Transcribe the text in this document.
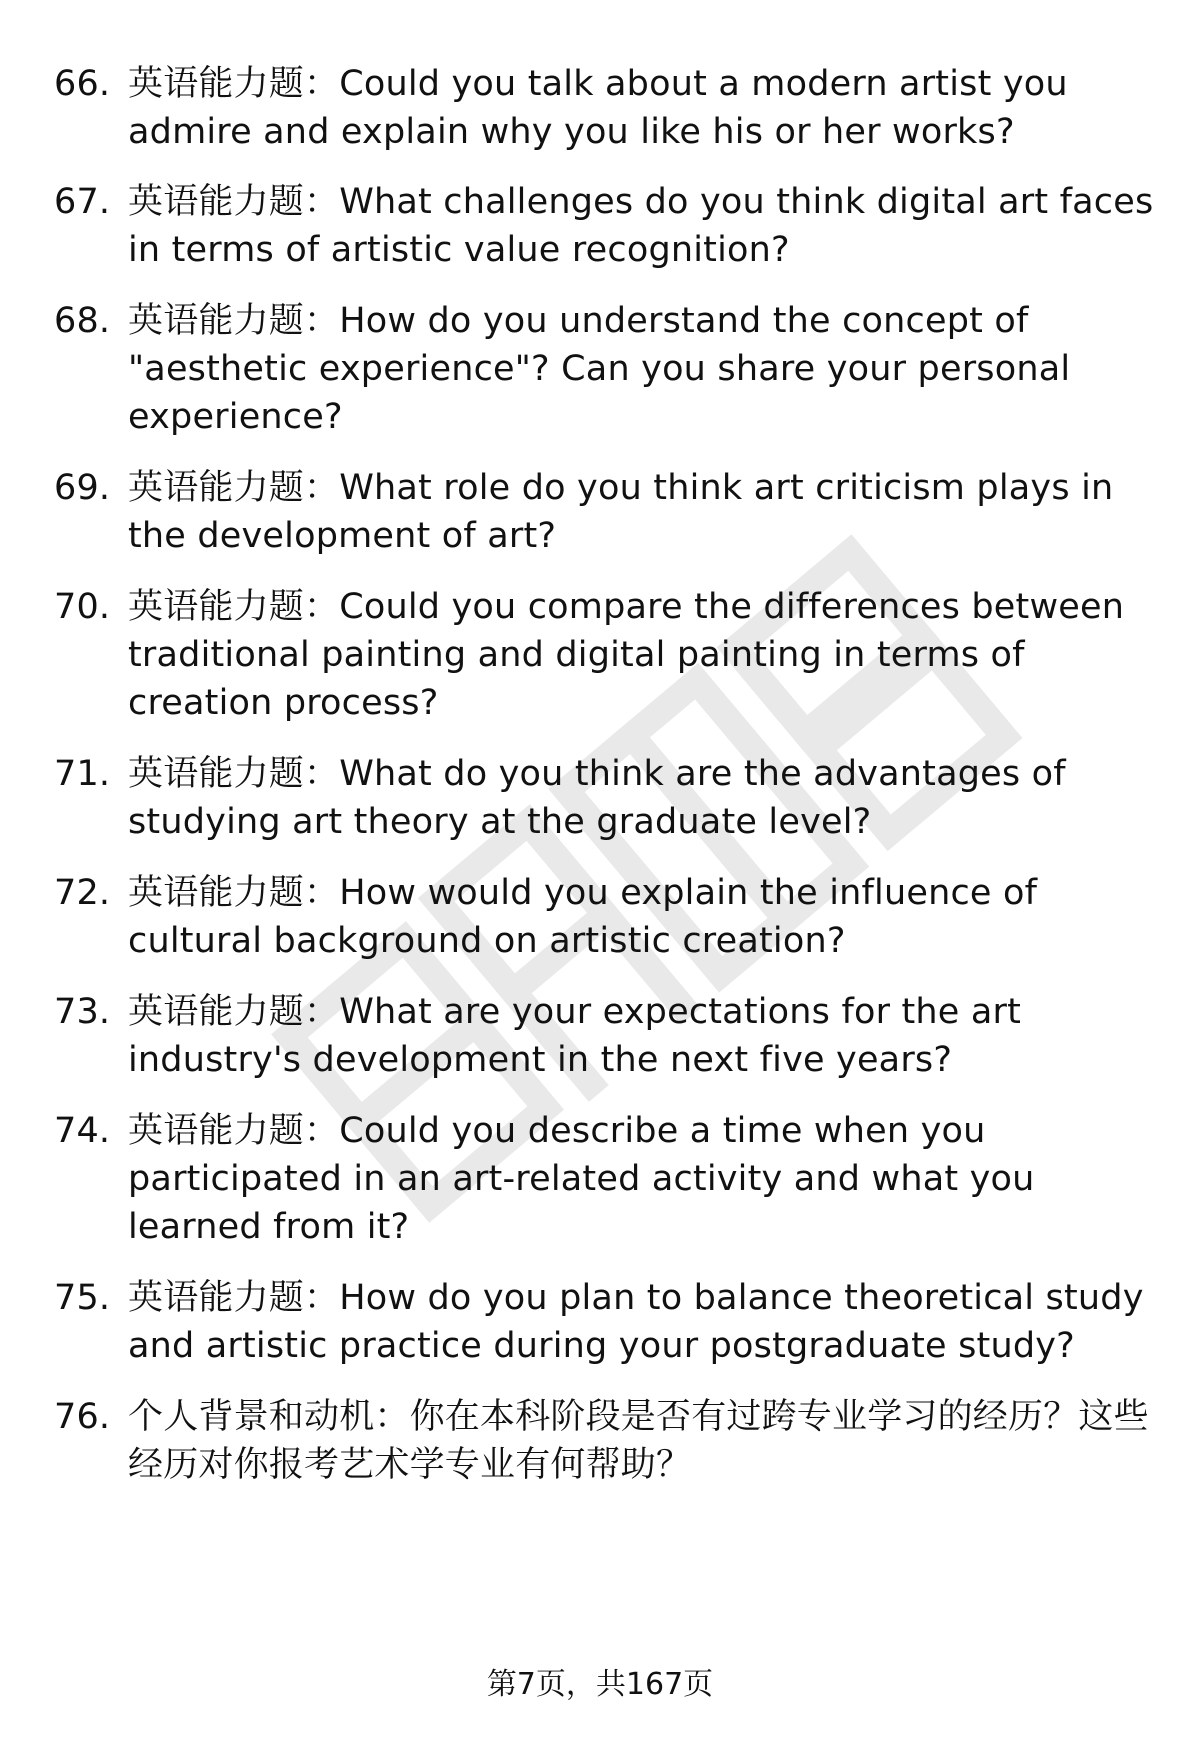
66. 英语能力题：Could you talk about a modern artist you admire and explain why you like his or her works?
67. 英语能力题：What challenges do you think digital art faces in terms of artistic value recognition?
68. 英语能力题：How do you understand the concept of "aesthetic experience"? Can you share your personal experience?
69. 英语能力题：What role do you think art criticism plays in the development of art?
70. 英语能力题：Could you compare the differences between traditional painting and digital painting in terms of creation process?
71. 英语能力题：What do you think are the advantages of studying art theory at the graduate level?
72. 英语能力题：How would you explain the influence of cultural background on artistic creation?
73. 英语能力题：What are your expectations for the art industry's development in the next five years?
74. 英语能力题：Could you describe a time when you participated in an art-related activity and what you learned from it?
75. 英语能力题：How do you plan to balance theoretical study and artistic practice during your postgraduate study?
76. 个人背景和动机：你在本科阶段是否有过跨专业学习的经历？这些经历对你报考艺术学专业有何帮助？
第7页，共167页
